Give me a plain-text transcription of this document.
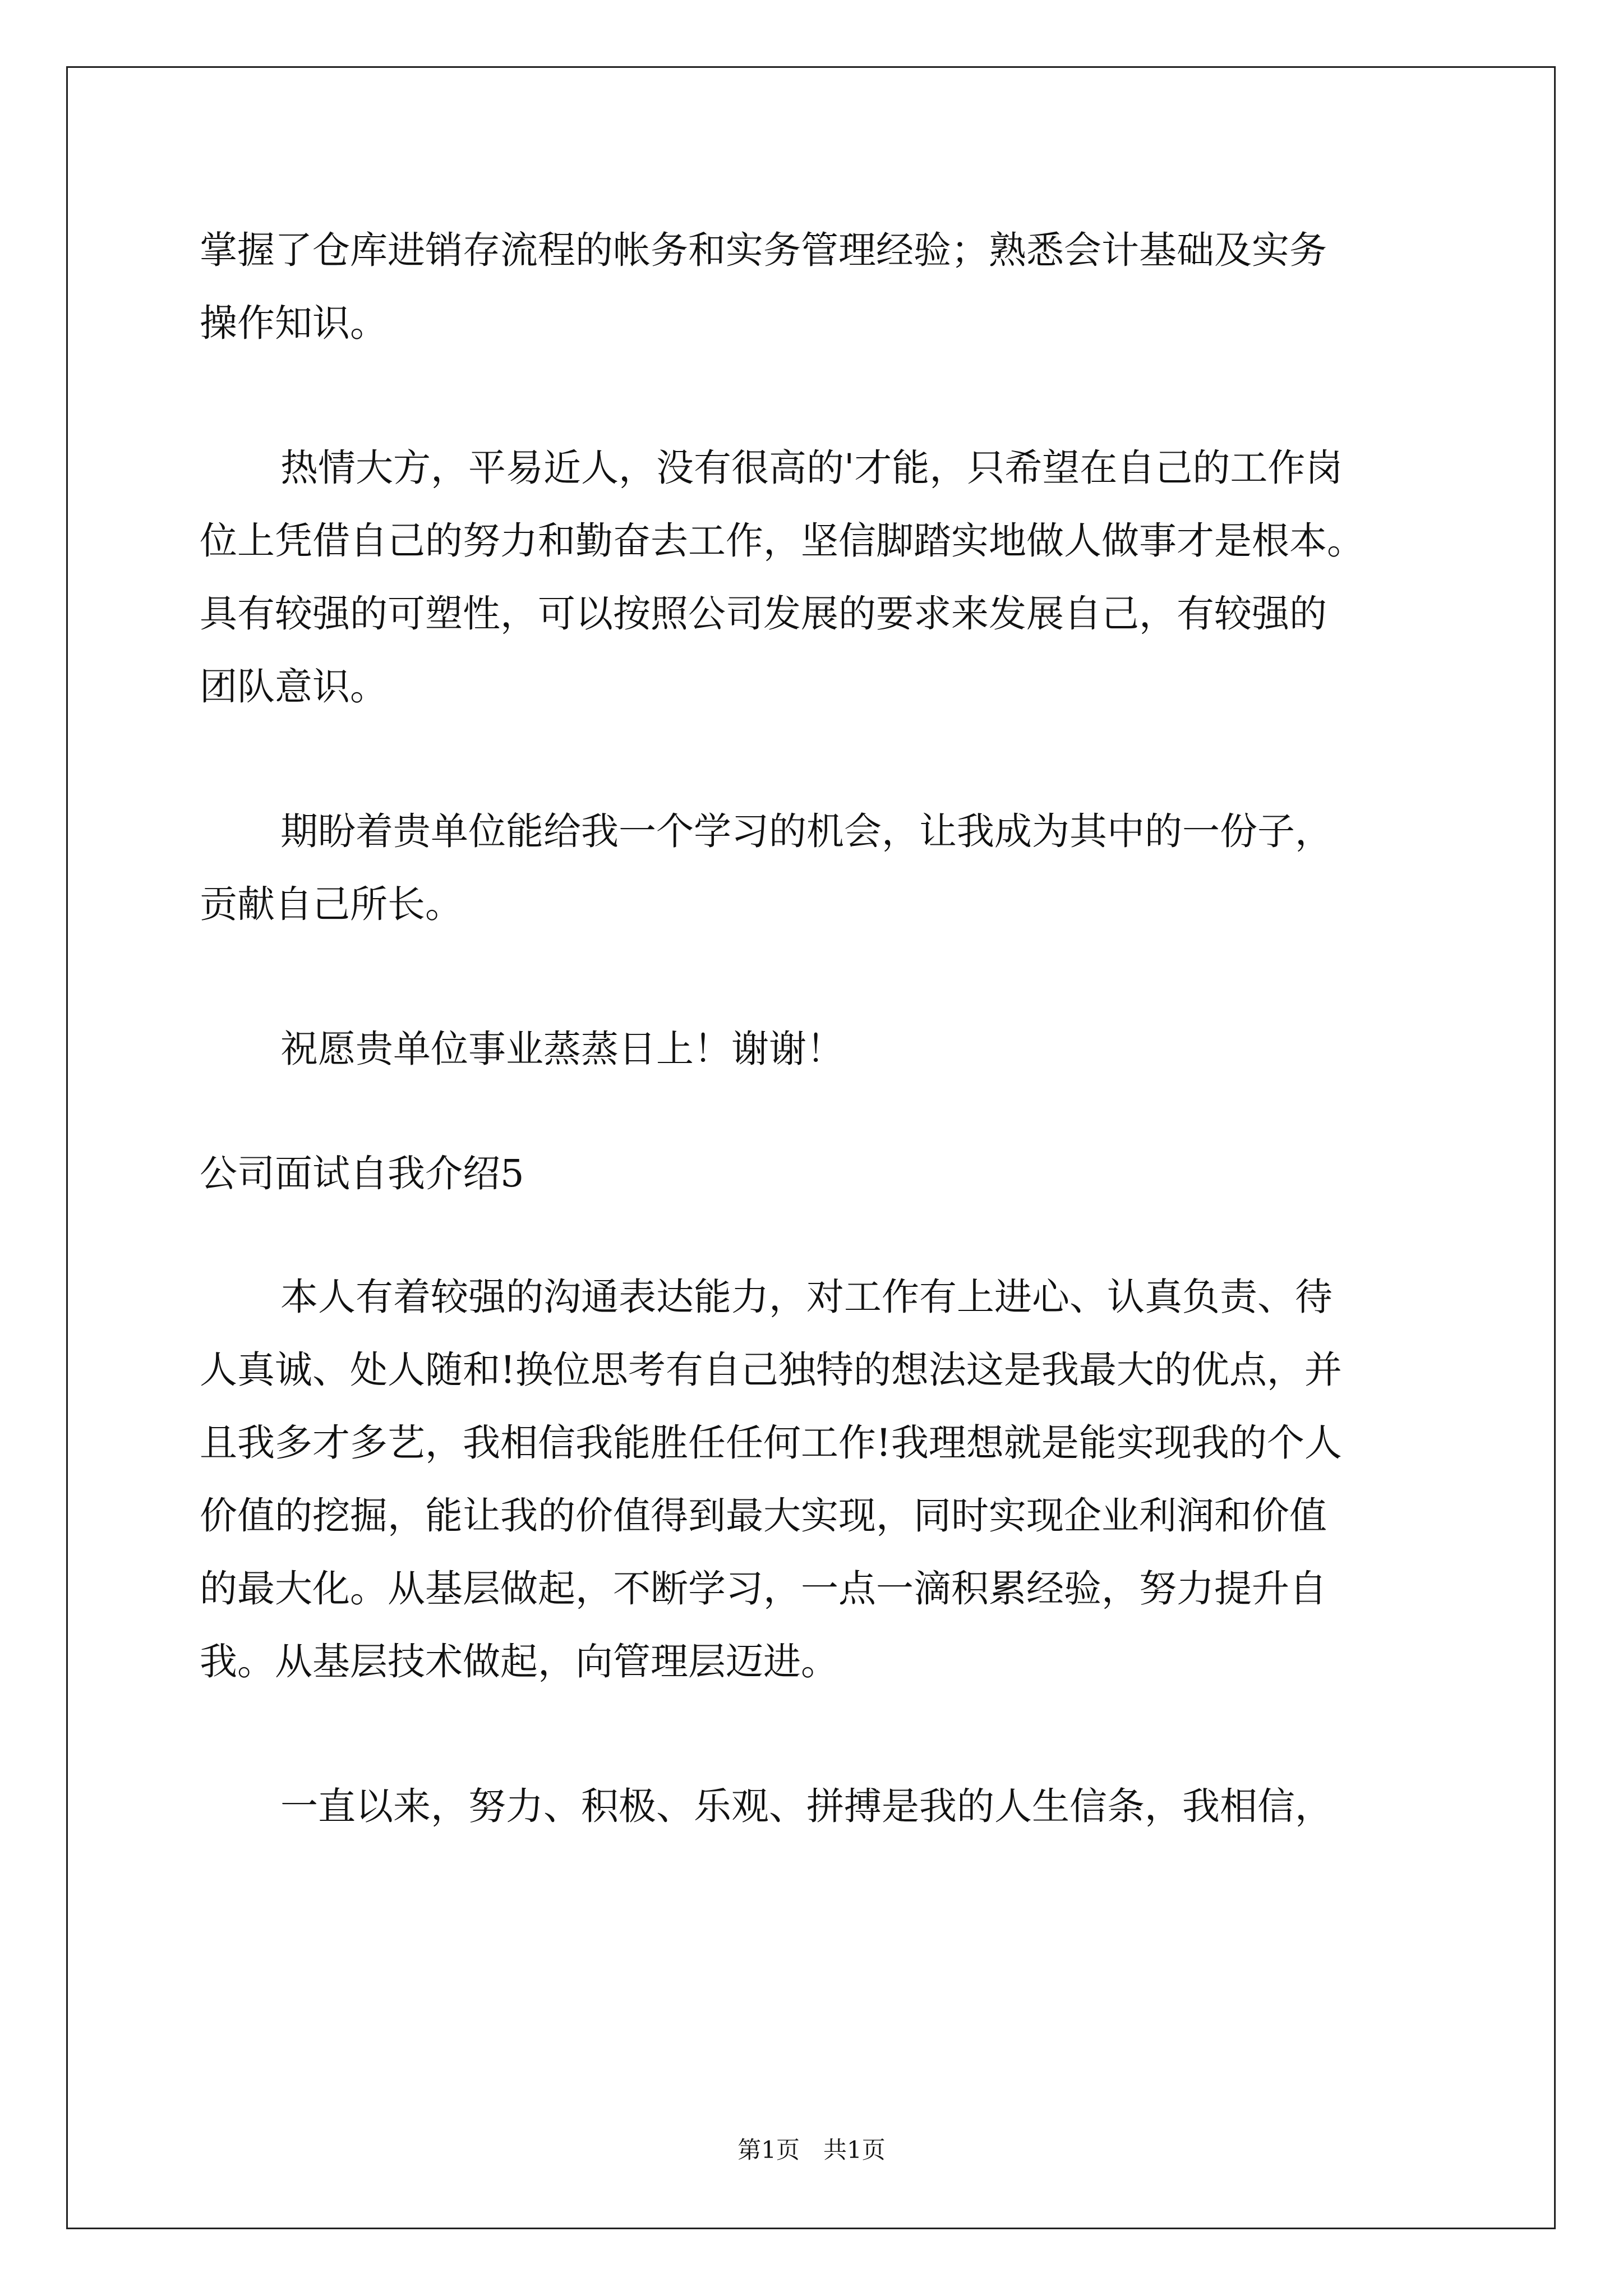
掌握了仓库进销存流程的帐务和实务管理经验；熟悉会计基础及实务
操作知识。
热情大方，平易近人，没有很高的'才能，只希望在自己的工作岗
位上凭借自己的努力和勤奋去工作，坚信脚踏实地做人做事才是根本。
具有较强的可塑性，可以按照公司发展的要求来发展自己，有较强的
团队意识。
期盼着贵单位能给我一个学习的机会，让我成为其中的一份子，
贡献自己所长。
祝愿贵单位事业蒸蒸日上！谢谢！
公司面试自我介绍5
本人有着较强的沟通表达能力，对工作有上进心、认真负责、待
人真诚、处人随和!换位思考有自己独特的想法这是我最大的优点，并
且我多才多艺，我相信我能胜任任何工作!我理想就是能实现我的个人
价值的挖掘，能让我的价值得到最大实现，同时实现企业利润和价值
的最大化。从基层做起，不断学习，一点一滴积累经验，努力提升自
我。从基层技术做起，向管理层迈进。
一直以来，努力、积极、乐观、拼搏是我的人生信条，我相信，
第1页　共1页
